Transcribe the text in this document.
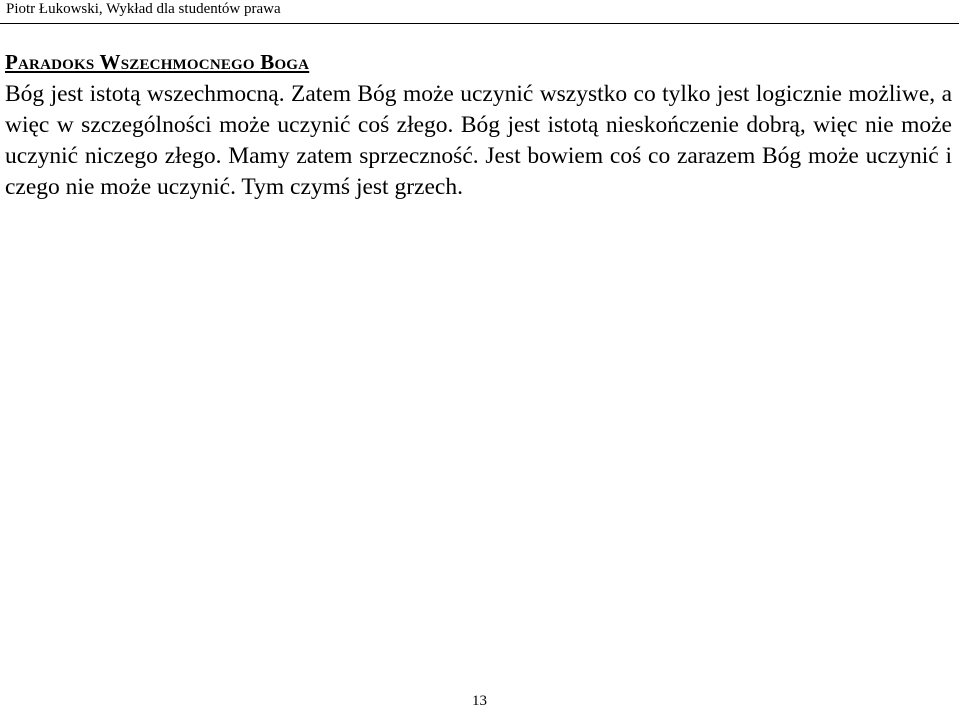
Piotr Łukowski, Wykład dla studentów prawa
Paradoks Wszechmocnego Boga

Bóg jest istotą wszechmocną. Zatem Bóg może uczynić wszystko co tylko jest logicznie możliwe, a więc w szczególności może uczynić coś złego. Bóg jest istotą nieskończenie dobrą, więc nie może uczynić niczego złego. Mamy zatem sprzeczność. Jest bowiem coś co zarazem Bóg może uczynić i czego nie może uczynić. Tym czymś jest grzech.

13
